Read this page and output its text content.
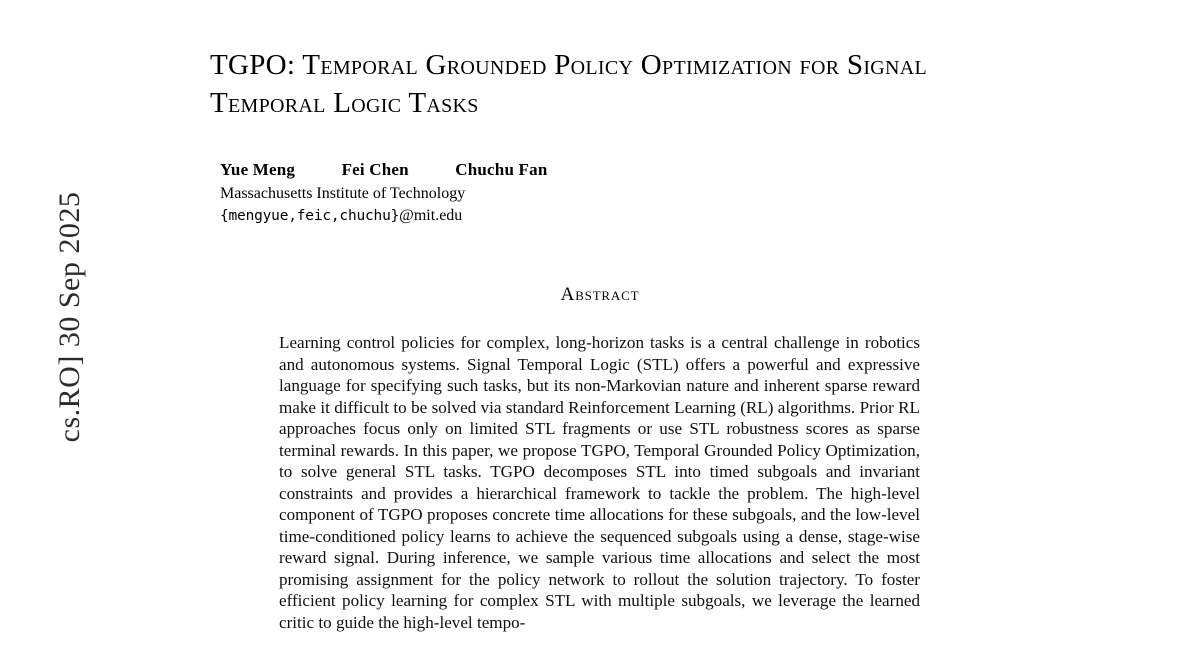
cs.RO] 30 Sep 2025
TGPO: Temporal Grounded Policy Optimization for Signal Temporal Logic Tasks
Yue Meng	Fei Chen	Chuchu Fan
Massachusetts Institute of Technology
{mengyue,feic,chuchu}@mit.edu
Abstract

Learning control policies for complex, long-horizon tasks is a central challenge in robotics and autonomous systems. Signal Temporal Logic (STL) offers a powerful and expressive language for specifying such tasks, but its non-Markovian nature and inherent sparse reward make it difficult to be solved via standard Reinforcement Learning (RL) algorithms. Prior RL approaches focus only on limited STL fragments or use STL robustness scores as sparse terminal rewards. In this paper, we propose TGPO, Temporal Grounded Policy Optimization, to solve general STL tasks. TGPO decomposes STL into timed subgoals and invariant constraints and provides a hierarchical framework to tackle the problem. The high-level component of TGPO proposes concrete time allocations for these subgoals, and the low-level time-conditioned policy learns to achieve the sequenced subgoals using a dense, stage-wise reward signal. During inference, we sample various time allocations and select the most promising assignment for the policy network to rollout the solution trajectory. To foster efficient policy learning for complex STL with multiple subgoals, we leverage the learned critic to guide the high-level tempo-
